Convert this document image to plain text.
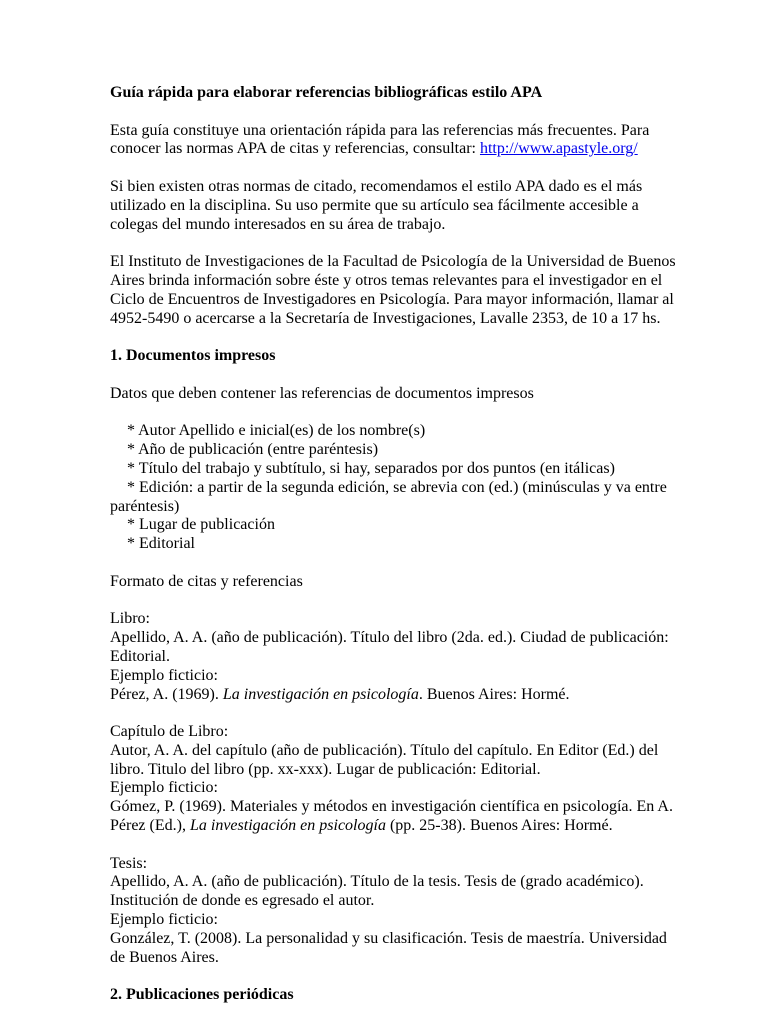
Guía rápida para elaborar referencias bibliográficas estilo APA
Esta guía constituye una orientación rápida para las referencias más frecuentes. Para
conocer las normas APA de citas y referencias, consultar: http://www.apastyle.org/
Si bien existen otras normas de citado, recomendamos el estilo APA dado es el más
utilizado en la disciplina. Su uso permite que su artículo sea fácilmente accesible a
colegas del mundo interesados en su área de trabajo.
El Instituto de Investigaciones de la Facultad de Psicología de la Universidad de Buenos
Aires brinda información sobre éste y otros temas relevantes para el investigador en el
Ciclo de Encuentros de Investigadores en Psicología. Para mayor información, llamar al
4952-5490 o acercarse a la Secretaría de Investigaciones, Lavalle 2353, de 10 a 17 hs.
1. Documentos impresos
Datos que deben contener las referencias de documentos impresos
* Autor Apellido e inicial(es) de los nombre(s)
* Año de publicación (entre paréntesis)
* Título del trabajo y subtítulo, si hay, separados por dos puntos (en itálicas)
* Edición: a partir de la segunda edición, se abrevia con (ed.) (minúsculas y va entre
paréntesis)
* Lugar de publicación
* Editorial
Formato de citas y referencias
Libro:
Apellido, A. A. (año de publicación). Título del libro (2da. ed.). Ciudad de publicación:
Editorial.
Ejemplo ficticio:
Pérez, A. (1969). La investigación en psicología. Buenos Aires: Hormé.
Capítulo de Libro:
Autor, A. A. del capítulo (año de publicación). Título del capítulo. En Editor (Ed.) del
libro. Titulo del libro (pp. xx-xxx). Lugar de publicación: Editorial.
Ejemplo ficticio:
Gómez, P. (1969). Materiales y métodos en investigación científica en psicología. En A.
Pérez (Ed.), La investigación en psicología (pp. 25-38). Buenos Aires: Hormé.
Tesis:
Apellido, A. A. (año de publicación). Título de la tesis. Tesis de (grado académico).
Institución de donde es egresado el autor.
Ejemplo ficticio:
González, T. (2008). La personalidad y su clasificación. Tesis de maestría. Universidad
de Buenos Aires.
2. Publicaciones periódicas
